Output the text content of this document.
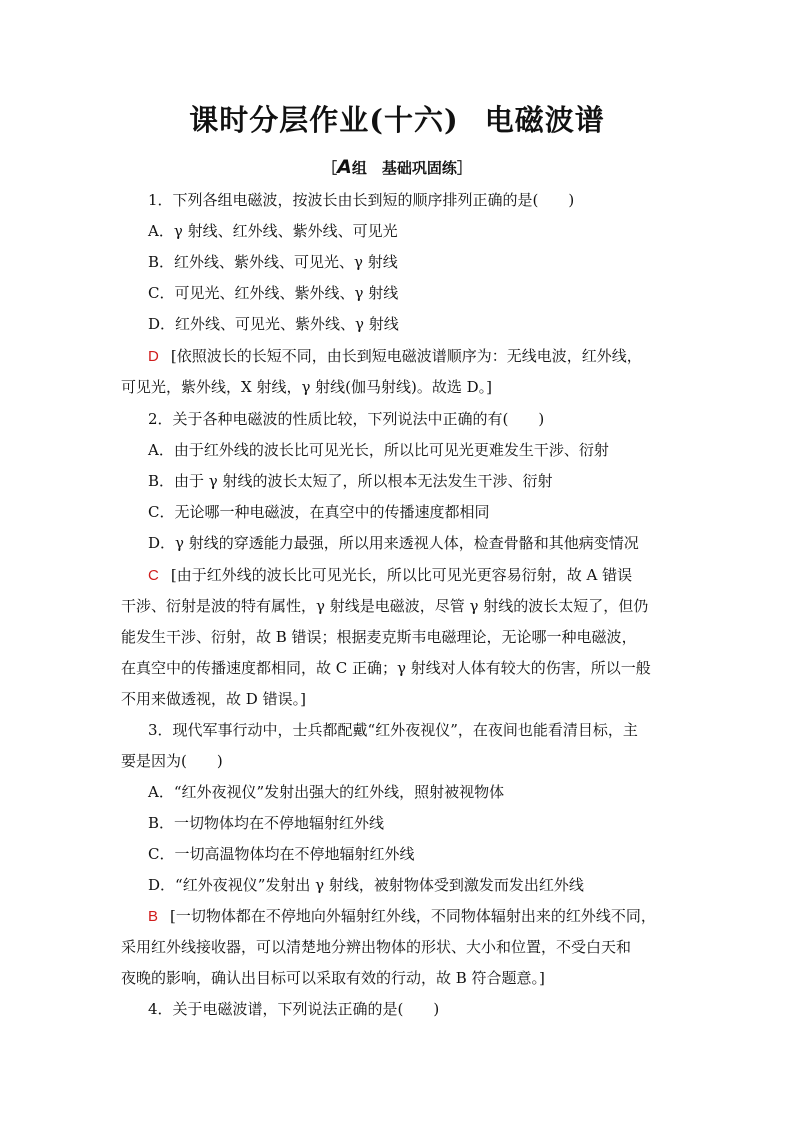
课时分层作业(十六) 电磁波谱
［A组　基础巩固练］
1．下列各组电磁波，按波长由长到短的顺序排列正确的是(　　)
A．γ 射线、红外线、紫外线、可见光
B．红外线、紫外线、可见光、γ 射线
C．可见光、红外线、紫外线、γ 射线
D．红外线、可见光、紫外线、γ 射线
D [依照波长的长短不同，由长到短电磁波谱顺序为：无线电波，红外线，
可见光，紫外线，X 射线，γ 射线(伽马射线)。故选 D。]
2．关于各种电磁波的性质比较，下列说法中正确的有(　　)
A．由于红外线的波长比可见光长，所以比可见光更难发生干涉、衍射
B．由于 γ 射线的波长太短了，所以根本无法发生干涉、衍射
C．无论哪一种电磁波，在真空中的传播速度都相同
D．γ 射线的穿透能力最强，所以用来透视人体，检查骨骼和其他病变情况
C [由于红外线的波长比可见光长，所以比可见光更容易衍射，故 A 错误
干涉、衍射是波的特有属性，γ 射线是电磁波，尽管 γ 射线的波长太短了，但仍
能发生干涉、衍射，故 B 错误；根据麦克斯韦电磁理论，无论哪一种电磁波，
在真空中的传播速度都相同，故 C 正确；γ 射线对人体有较大的伤害，所以一般
不用来做透视，故 D 错误。]
3．现代军事行动中，士兵都配戴“红外夜视仪”，在夜间也能看清目标，主
要是因为(　　)
A．“红外夜视仪”发射出强大的红外线，照射被视物体
B．一切物体均在不停地辐射红外线
C．一切高温物体均在不停地辐射红外线
D．“红外夜视仪”发射出 γ 射线，被射物体受到激发而发出红外线
B [一切物体都在不停地向外辐射红外线，不同物体辐射出来的红外线不同，
采用红外线接收器，可以清楚地分辨出物体的形状、大小和位置，不受白天和
夜晚的影响，确认出目标可以采取有效的行动，故 B 符合题意。]
4．关于电磁波谱，下列说法正确的是(　　)
